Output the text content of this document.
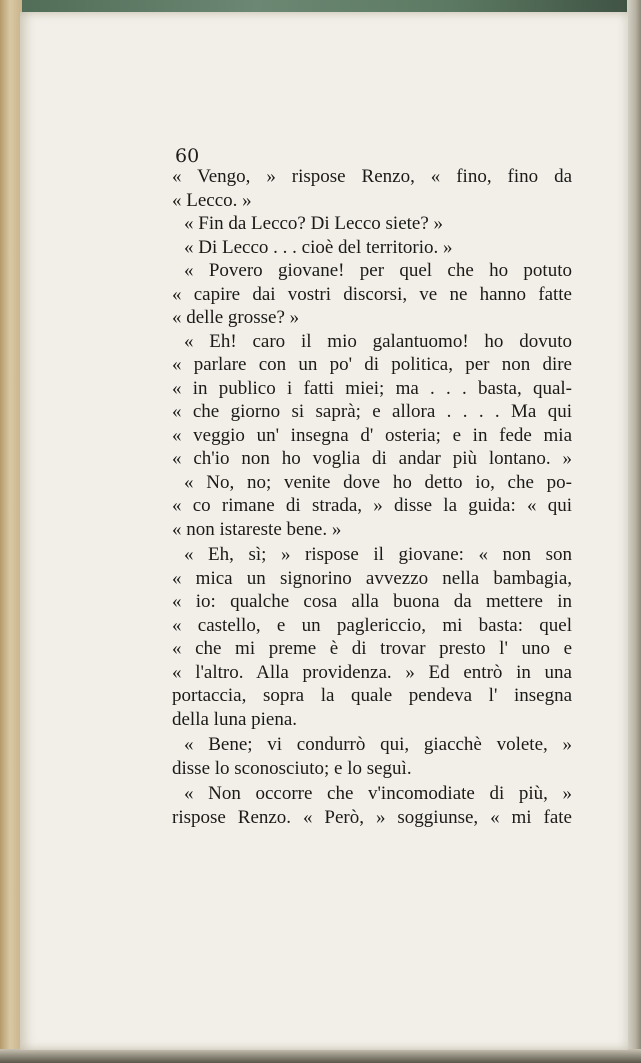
60
« Vengo, » rispose Renzo, « fino, fino da
« Lecco. »
« Fin da Lecco? Di Lecco siete? »
« Di Lecco . . . cioè del territorio. »
« Povero giovane! per quel che ho potuto
« capire dai vostri discorsi, ve ne hanno fatte
« delle grosse? »
« Eh! caro il mio galantuomo! ho dovuto
« parlare con un po' di politica, per non dire
« in publico i fatti miei; ma . . . basta, qual-
« che giorno si saprà; e allora . . . . Ma qui
« veggio un' insegna d' osteria; e in fede mia
« ch'io non ho voglia di andar più lontano. »
« No, no; venite dove ho detto io, che po-
« co rimane di strada, » disse la guida: « qui
« non istareste bene. »
« Eh, sì; » rispose il giovane: « non son
« mica un signorino avvezzo nella bambagia,
« io: qualche cosa alla buona da mettere in
« castello, e un paglericcio, mi basta: quel
« che mi preme è di trovar presto l' uno e
« l'altro. Alla providenza. » Ed entrò in una
portaccia, sopra la quale pendeva l' insegna
della luna piena.
« Bene; vi condurrò qui, giacchè volete, »
disse lo sconosciuto; e lo seguì.
« Non occorre che v'incomodiate di più, »
rispose Renzo. « Però, » soggiunse, « mi fate
